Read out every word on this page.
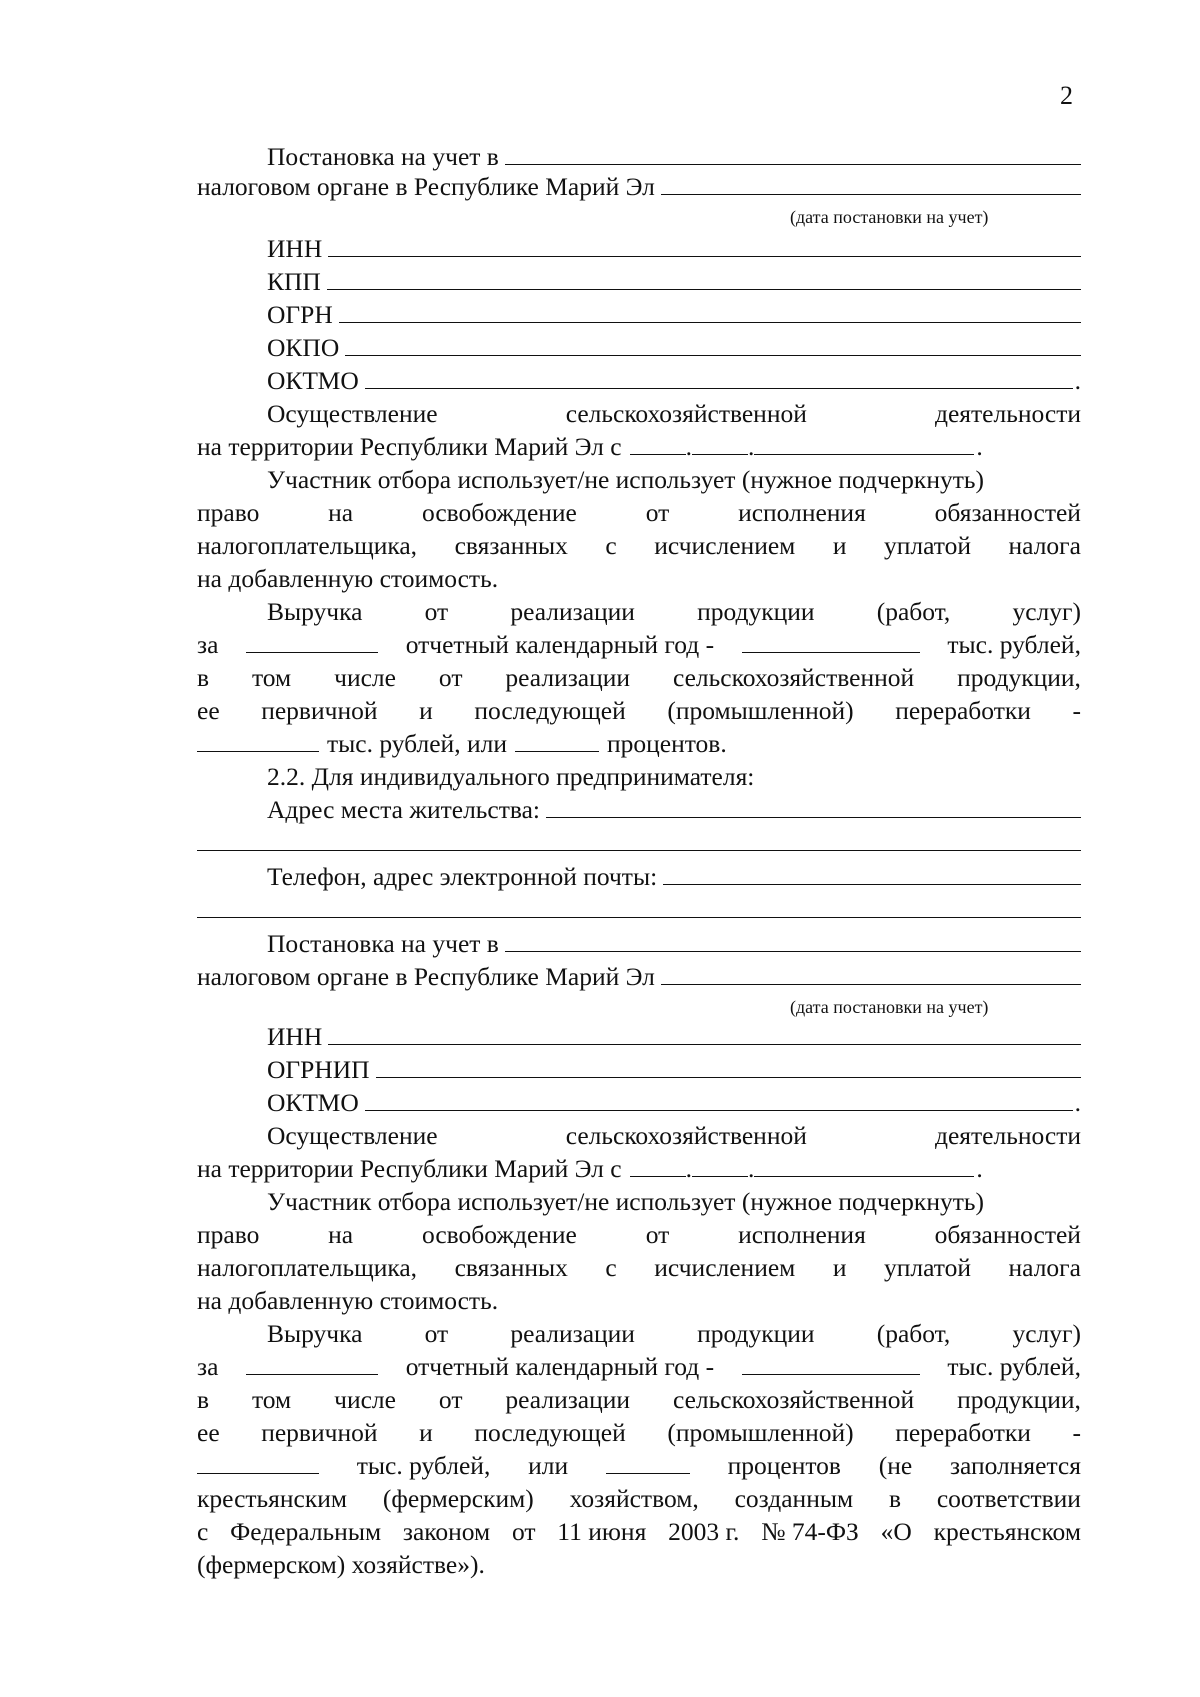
2
Постановка на учет в
налоговом органе в Республике Марий Эл
(дата постановки на учет)
ИНН
КПП
ОГРН
ОКПО
ОКТМО	.
Осуществление	сельскохозяйственной	деятельности
на территории Республики Марий Эл с	. .	.
Участник отбора использует/не использует (нужное подчеркнуть)
право	на	освобождение	от	исполнения	обязанностей
налогоплательщика, связанных с исчислением и уплатой налога
на добавленную стоимость.
Выручка от реализации продукции (работ, услуг)
за	отчетный календарный год -	тыс. рублей,
в том числе от реализации сельскохозяйственной продукции,
ее первичной и последующей (промышленной) переработки -
тыс. рублей, или	процентов.
2.2. Для индивидуального предпринимателя:
Адрес места жительства:
Телефон, адрес электронной почты:
Постановка на учет в
налоговом органе в Республике Марий Эл
(дата постановки на учет)
ИНН
ОГРНИП
ОКТМО	.
Осуществление	сельскохозяйственной	деятельности
на территории Республики Марий Эл с	. .	.
Участник отбора использует/не использует (нужное подчеркнуть)
право	на	освобождение	от	исполнения	обязанностей
налогоплательщика, связанных с исчислением и уплатой налога
на добавленную стоимость.
Выручка от реализации продукции (работ, услуг)
за	отчетный календарный год -	тыс. рублей,
в том числе от реализации сельскохозяйственной продукции,
ее первичной и последующей (промышленной) переработки -
тыс. рублей, или	процентов (не заполняется
крестьянским (фермерским) хозяйством, созданным в соответствии
с Федеральным законом от 11 июня 2003 г. № 74-ФЗ «О крестьянском
(фермерском) хозяйстве»).
